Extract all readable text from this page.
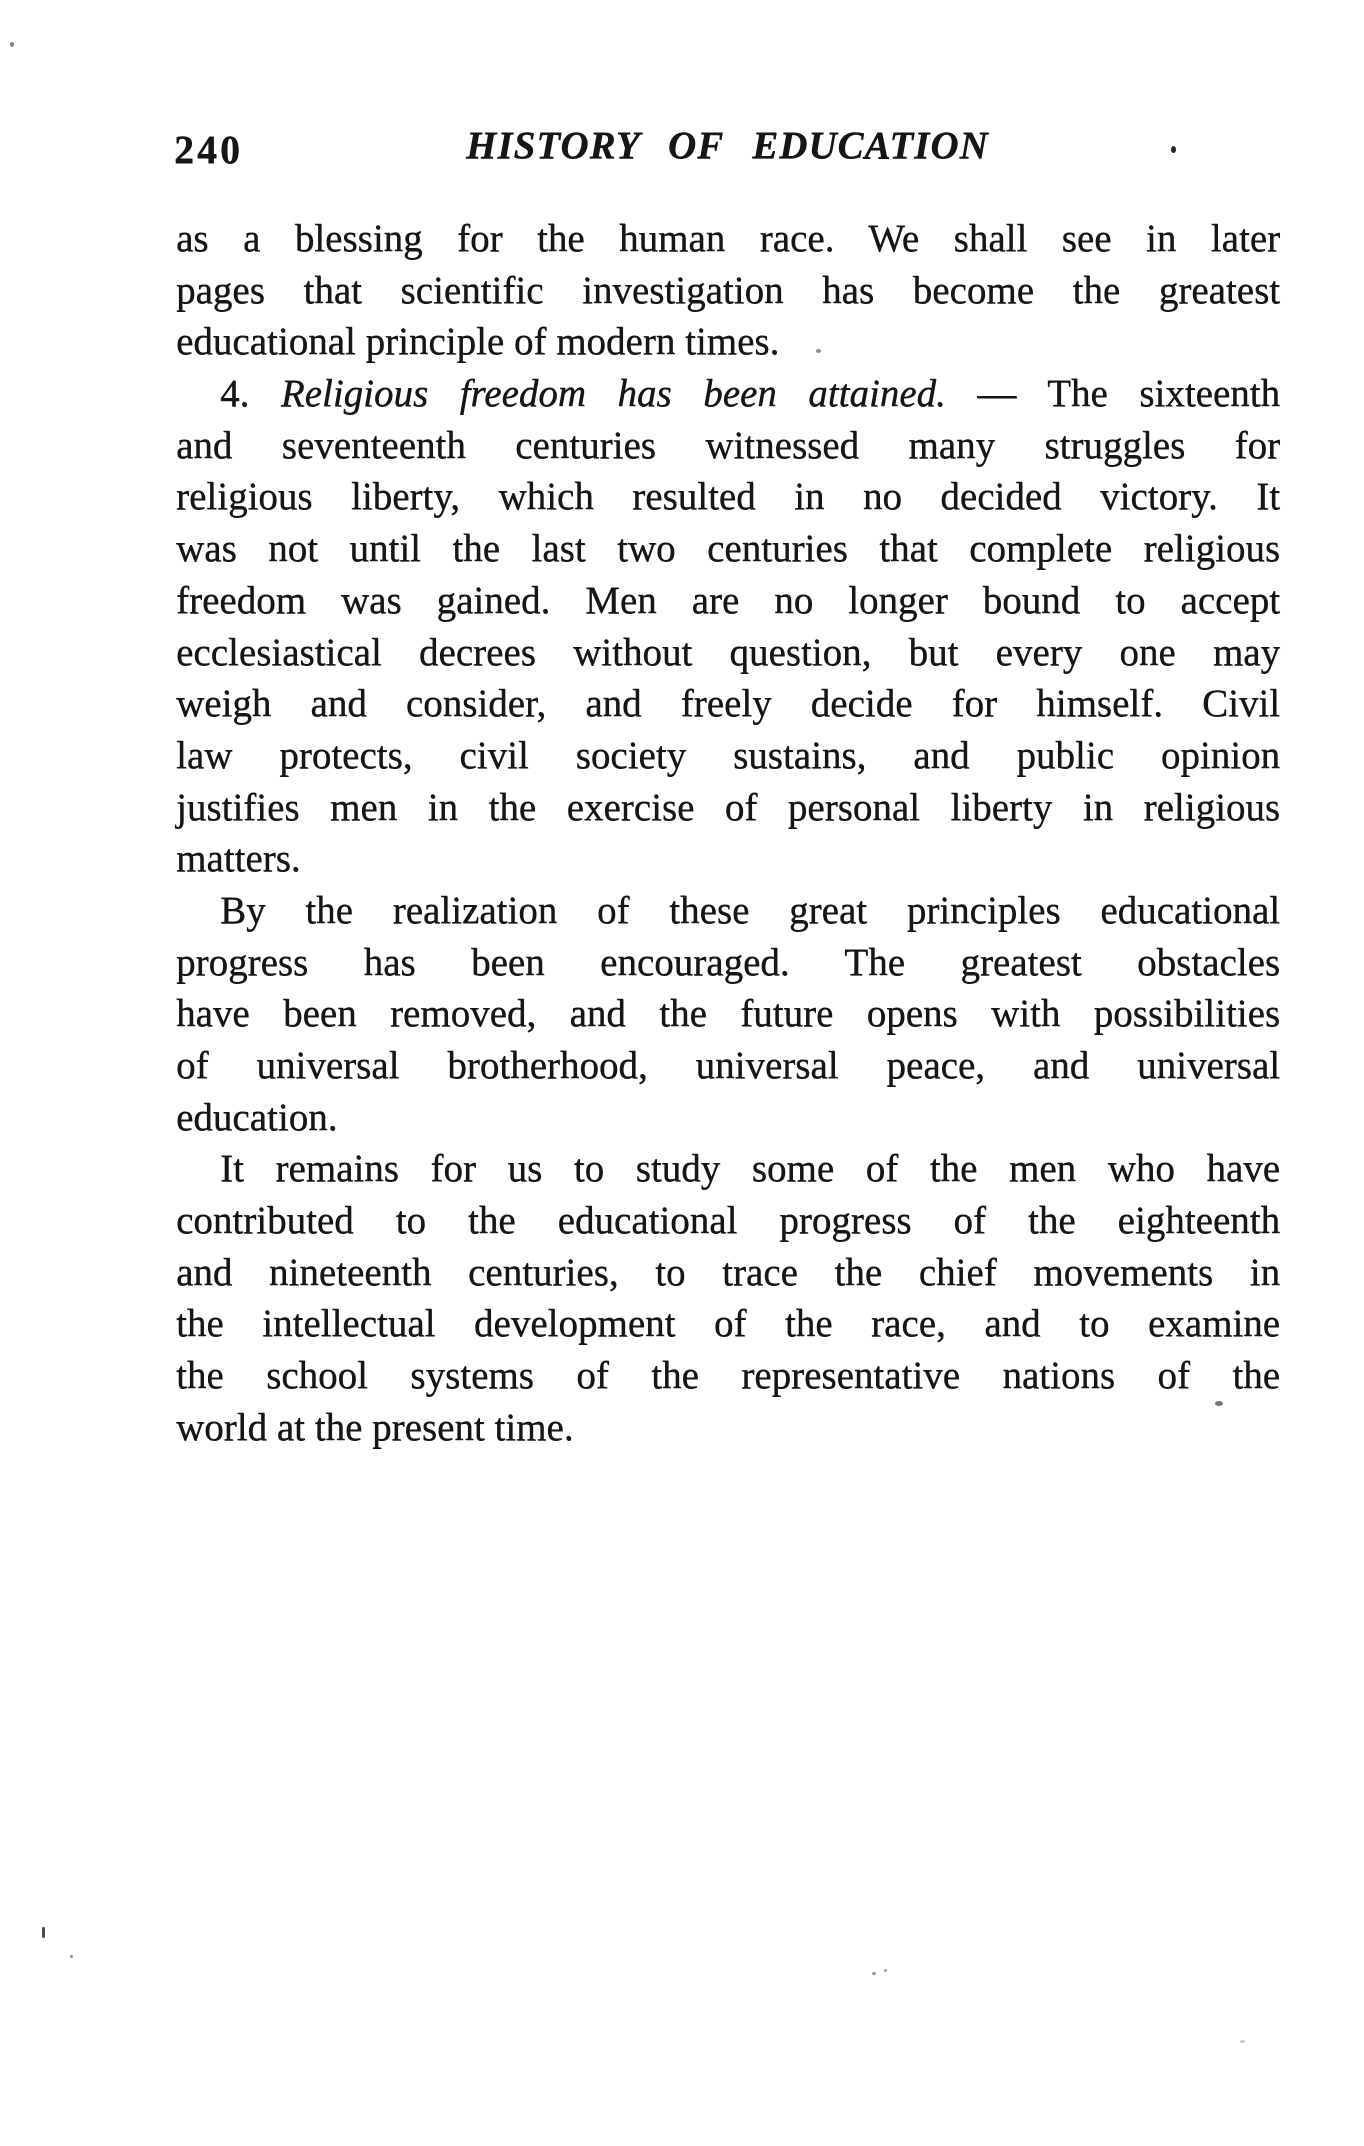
240	HISTORY OF EDUCATION
as a blessing for the human race. We shall see in later
pages that scientific investigation has become the greatest
educational principle of modern times.
4. Religious freedom has been attained. — The sixteenth
and seventeenth centuries witnessed many struggles for
religious liberty, which resulted in no decided victory. It
was not until the last two centuries that complete religious
freedom was gained. Men are no longer bound to accept
ecclesiastical decrees without question, but every one may
weigh and consider, and freely decide for himself. Civil
law protects, civil society sustains, and public opinion
justifies men in the exercise of personal liberty in religious
matters.
By the realization of these great principles educational
progress has been encouraged. The greatest obstacles
have been removed, and the future opens with possibilities
of universal brotherhood, universal peace, and universal
education.
It remains for us to study some of the men who have
contributed to the educational progress of the eighteenth
and nineteenth centuries, to trace the chief movements in
the intellectual development of the race, and to examine
the school systems of the representative nations of the
world at the present time.
